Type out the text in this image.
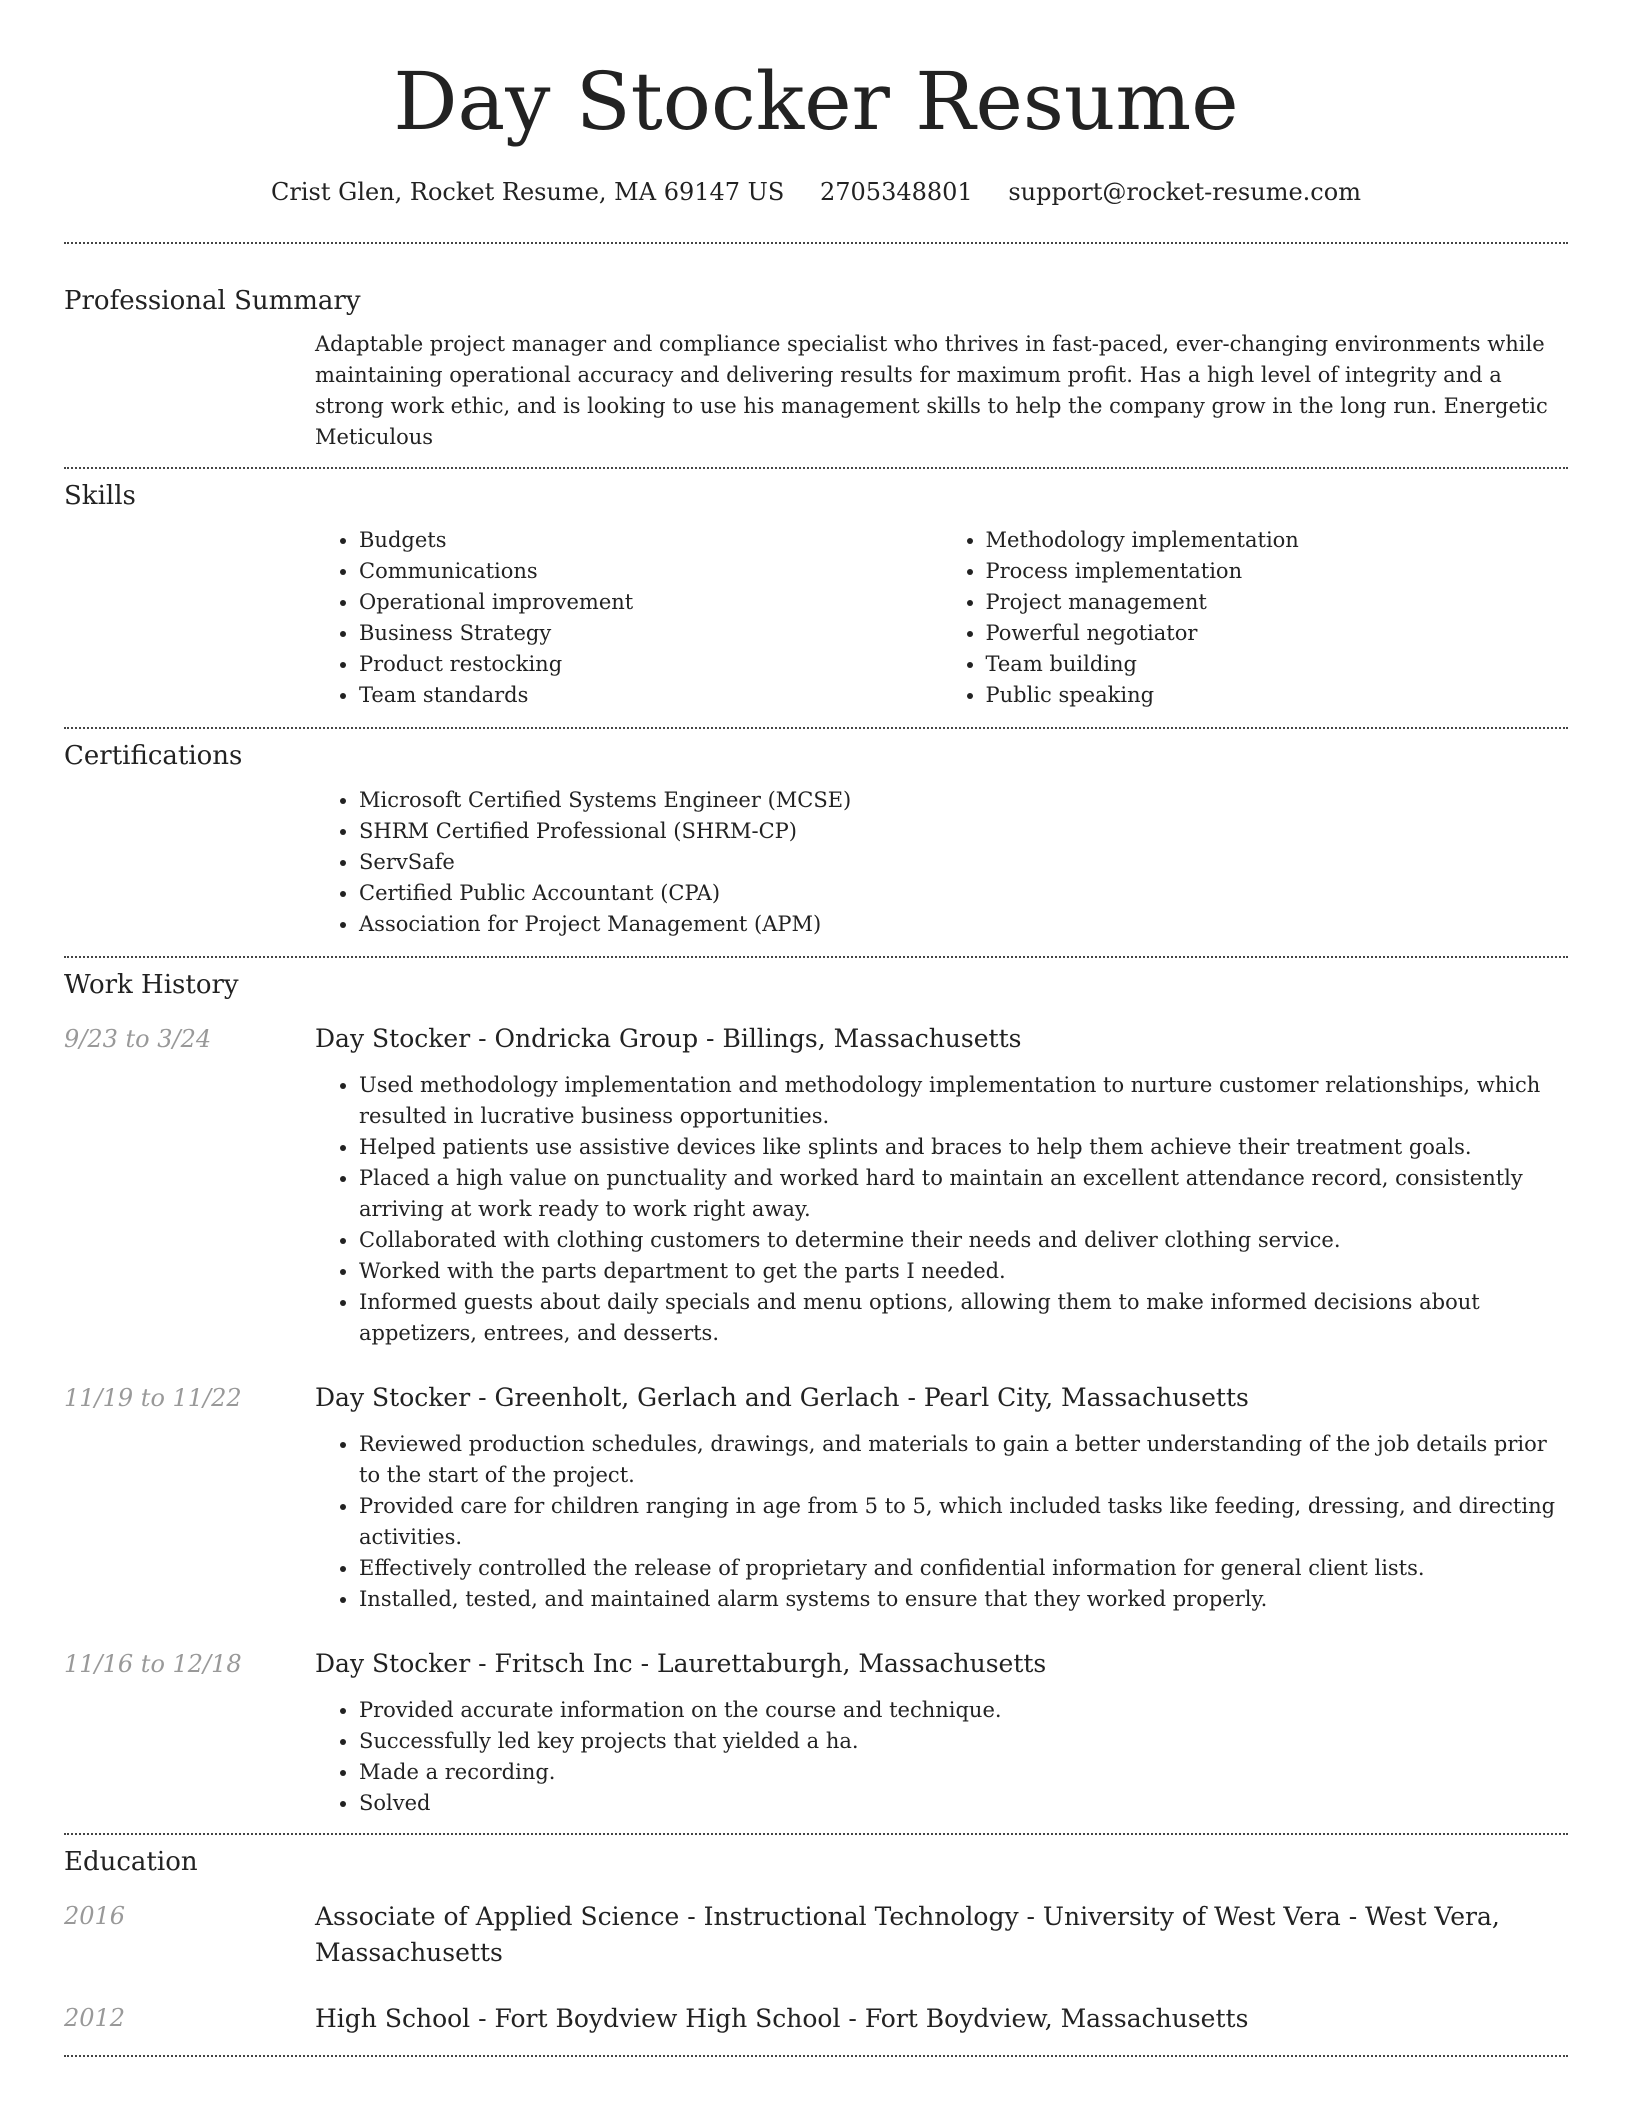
Day Stocker Resume
Crist Glen, Rocket Resume, MA 69147 US 2705348801 support@rocket-resume.com
Professional Summary
Adaptable project manager and compliance specialist who thrives in fast-paced, ever-changing environments while maintaining operational accuracy and delivering results for maximum profit. Has a high level of integrity and a strong work ethic, and is looking to use his management skills to help the company grow in the long run. Energetic Meticulous
Skills
• Budgets
• Communications
• Operational improvement
• Business Strategy
• Product restocking
• Team standards
• Methodology implementation
• Process implementation
• Project management
• Powerful negotiator
• Team building
• Public speaking
Certifications
• Microsoft Certified Systems Engineer (MCSE)
• SHRM Certified Professional (SHRM-CP)
• ServSafe
• Certified Public Accountant (CPA)
• Association for Project Management (APM)
Work History
9/23 to 3/24	Day Stocker - Ondricka Group - Billings, Massachusetts
• Used methodology implementation and methodology implementation to nurture customer relationships, which resulted in lucrative business opportunities.
• Helped patients use assistive devices like splints and braces to help them achieve their treatment goals.
• Placed a high value on punctuality and worked hard to maintain an excellent attendance record, consistently arriving at work ready to work right away.
• Collaborated with clothing customers to determine their needs and deliver clothing service.
• Worked with the parts department to get the parts I needed.
• Informed guests about daily specials and menu options, allowing them to make informed decisions about appetizers, entrees, and desserts.
11/19 to 11/22	Day Stocker - Greenholt, Gerlach and Gerlach - Pearl City, Massachusetts
• Reviewed production schedules, drawings, and materials to gain a better understanding of the job details prior to the start of the project.
• Provided care for children ranging in age from 5 to 5, which included tasks like feeding, dressing, and directing activities.
• Effectively controlled the release of proprietary and confidential information for general client lists.
• Installed, tested, and maintained alarm systems to ensure that they worked properly.
11/16 to 12/18	Day Stocker - Fritsch Inc - Laurettaburgh, Massachusetts
• Provided accurate information on the course and technique.
• Successfully led key projects that yielded a ha.
• Made a recording.
• Solved
Education
2016	Associate of Applied Science - Instructional Technology - University of West Vera - West Vera, Massachusetts
2012	High School - Fort Boydview High School - Fort Boydview, Massachusetts
